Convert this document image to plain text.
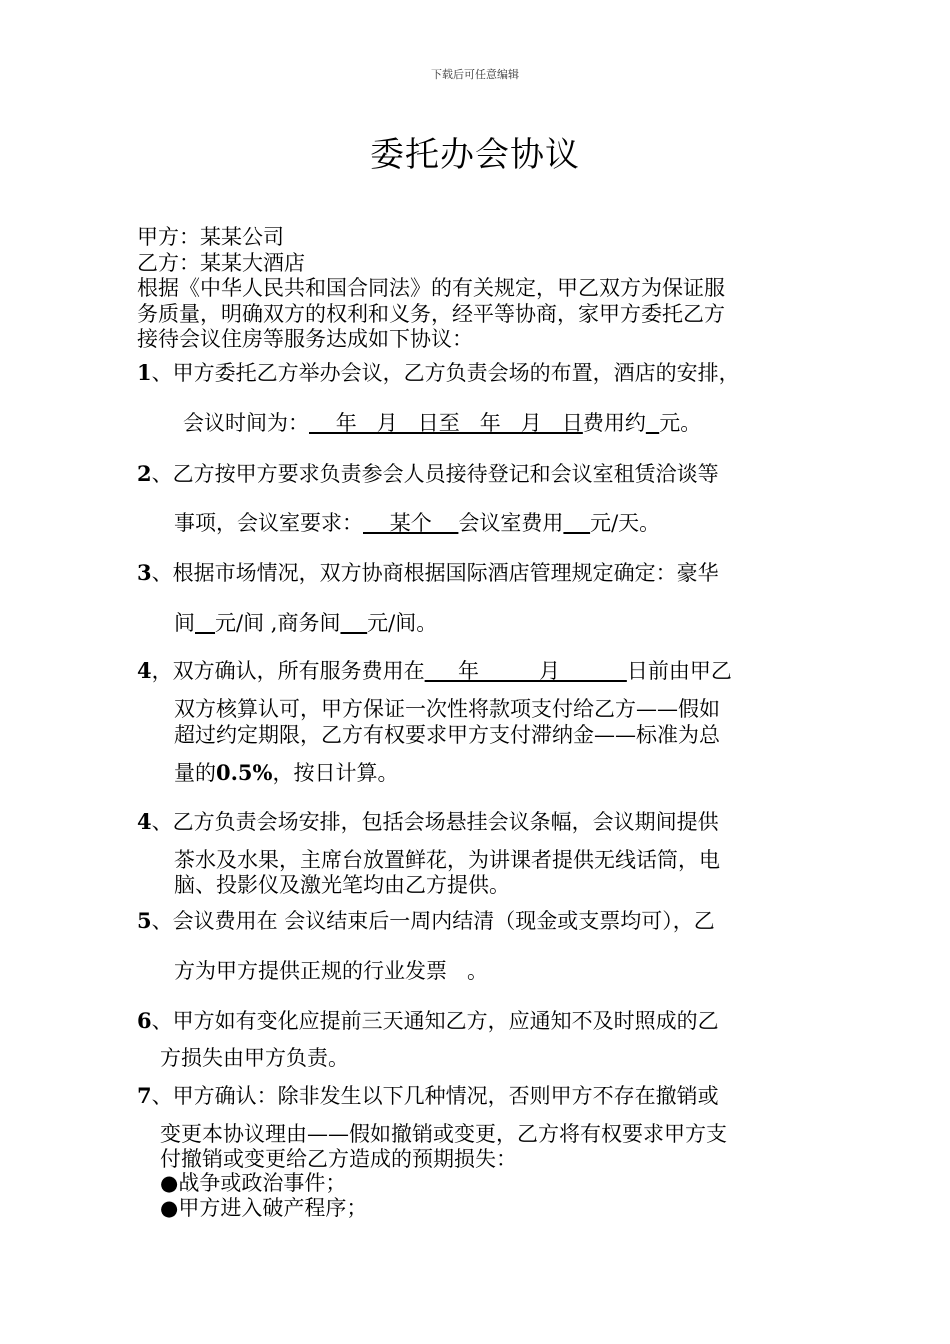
下载后可任意编辑
委托办会协议
甲方：某某公司
乙方：某某大酒店
根据《中华人民共和国合同法》的有关规定，甲乙双方为保证服
务质量，明确双方的权利和义务，经平等协商，家甲方委托乙方
接待会议住房等服务达成如下协议：
1、甲方委托乙方举办会议，乙方负责会场的布置，酒店的安排，
会议时间为：    年   月   日至   年   月   日费用约 元。
2、乙方按甲方要求负责参会人员接待登记和会议室租赁洽谈等
事项，会议室要求：    某个    会议室费用 元/天。
3、根据市场情况，双方协商根据国际酒店管理规定确定：豪华
间 元/间 ,商务间 元/间。
4，双方确认，所有服务费用在     年         月          日前由甲乙
双方核算认可，甲方保证一次性将款项支付给乙方——假如
超过约定期限，乙方有权要求甲方支付滞纳金——标准为总
量的0.5%，按日计算。
4、乙方负责会场安排，包括会场悬挂会议条幅，会议期间提供
茶水及水果，主席台放置鲜花，为讲课者提供无线话筒，电
脑、投影仪及激光笔均由乙方提供。
5、会议费用在 会议结束后一周内结清（现金或支票均可），乙
方为甲方提供正规的行业发票   。
6、甲方如有变化应提前三天通知乙方，应通知不及时照成的乙
方损失由甲方负责。
7、甲方确认：除非发生以下几种情况，否则甲方不存在撤销或
变更本协议理由——假如撤销或变更，乙方将有权要求甲方支
付撤销或变更给乙方造成的预期损失：
●战争或政治事件；
●甲方进入破产程序；
